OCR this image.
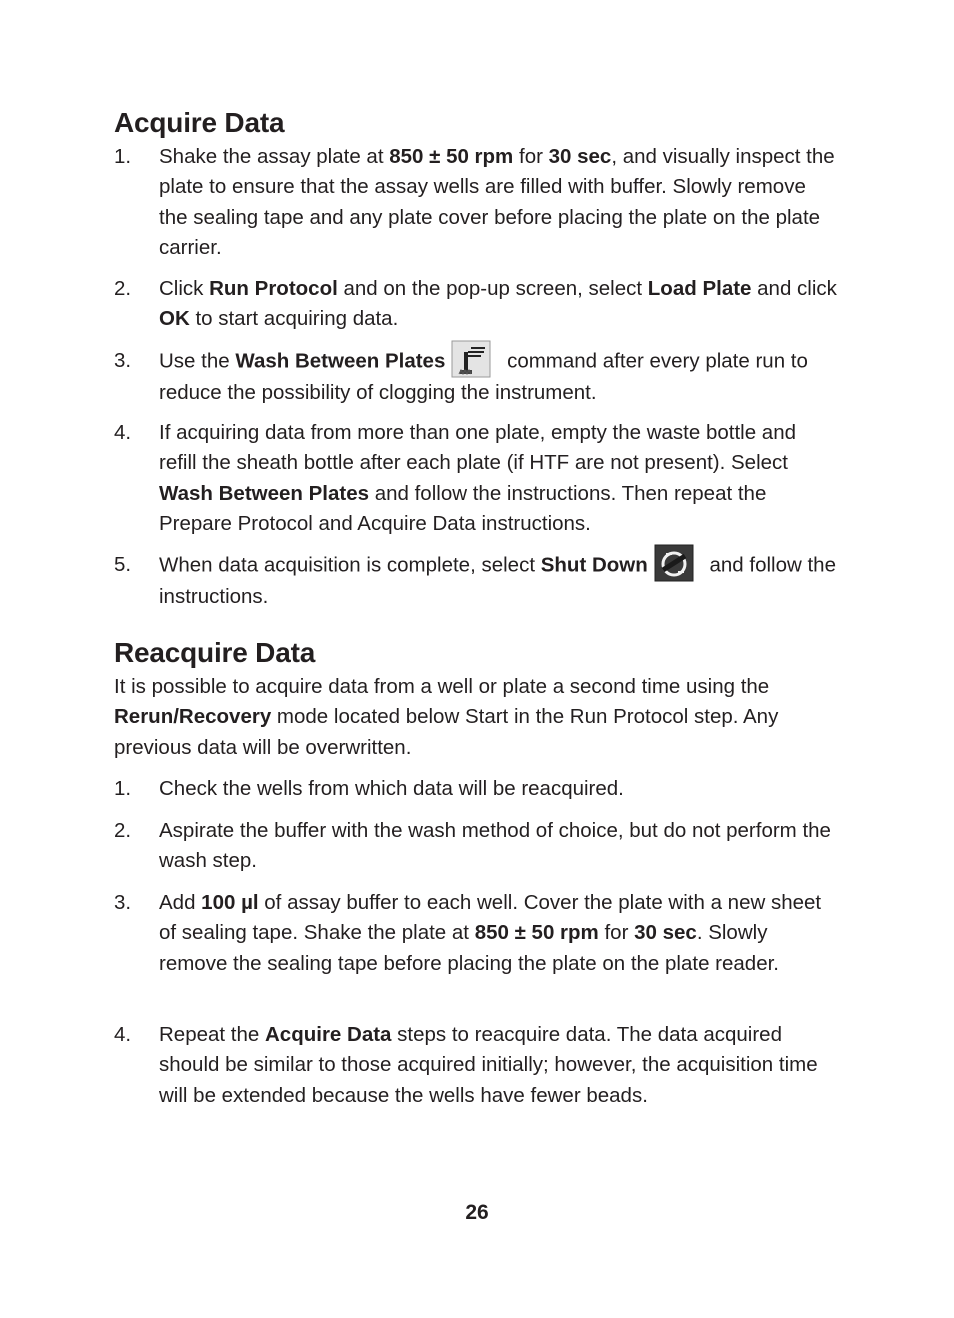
Acquire Data
1.	Shake the assay plate at 850 ± 50 rpm for 30 sec, and visually inspect the plate to ensure that the assay wells are filled with buffer. Slowly remove the sealing tape and any plate cover before placing the plate on the plate carrier.
2.	Click Run Protocol and on the pop-up screen, select Load Plate and click OK to start acquiring data.
3.	Use the Wash Between Plates	command after every plate run to reduce the possibility of clogging the instrument.
4.	If acquiring data from more than one plate, empty the waste bottle and refill the sheath bottle after each plate (if HTF are not present). Select Wash Between Plates and follow the instructions. Then repeat the Prepare Protocol and Acquire Data instructions.
5.	When data acquisition is complete, select Shut Down	and follow the instructions.
Reacquire Data
It is possible to acquire data from a well or plate a second time using the Rerun/Recovery mode located below Start in the Run Protocol step. Any previous data will be overwritten.
1.	Check the wells from which data will be reacquired.
2.	Aspirate the buffer with the wash method of choice, but do not perform the wash step.
3.	Add 100 µl of assay buffer to each well. Cover the plate with a new sheet of sealing tape. Shake the plate at 850 ± 50 rpm for 30 sec. Slowly remove the sealing tape before placing the plate on the plate reader.
4.	Repeat the Acquire Data steps to reacquire data. The data acquired should be similar to those acquired initially; however, the acquisition time will be extended because the wells have fewer beads.
26
